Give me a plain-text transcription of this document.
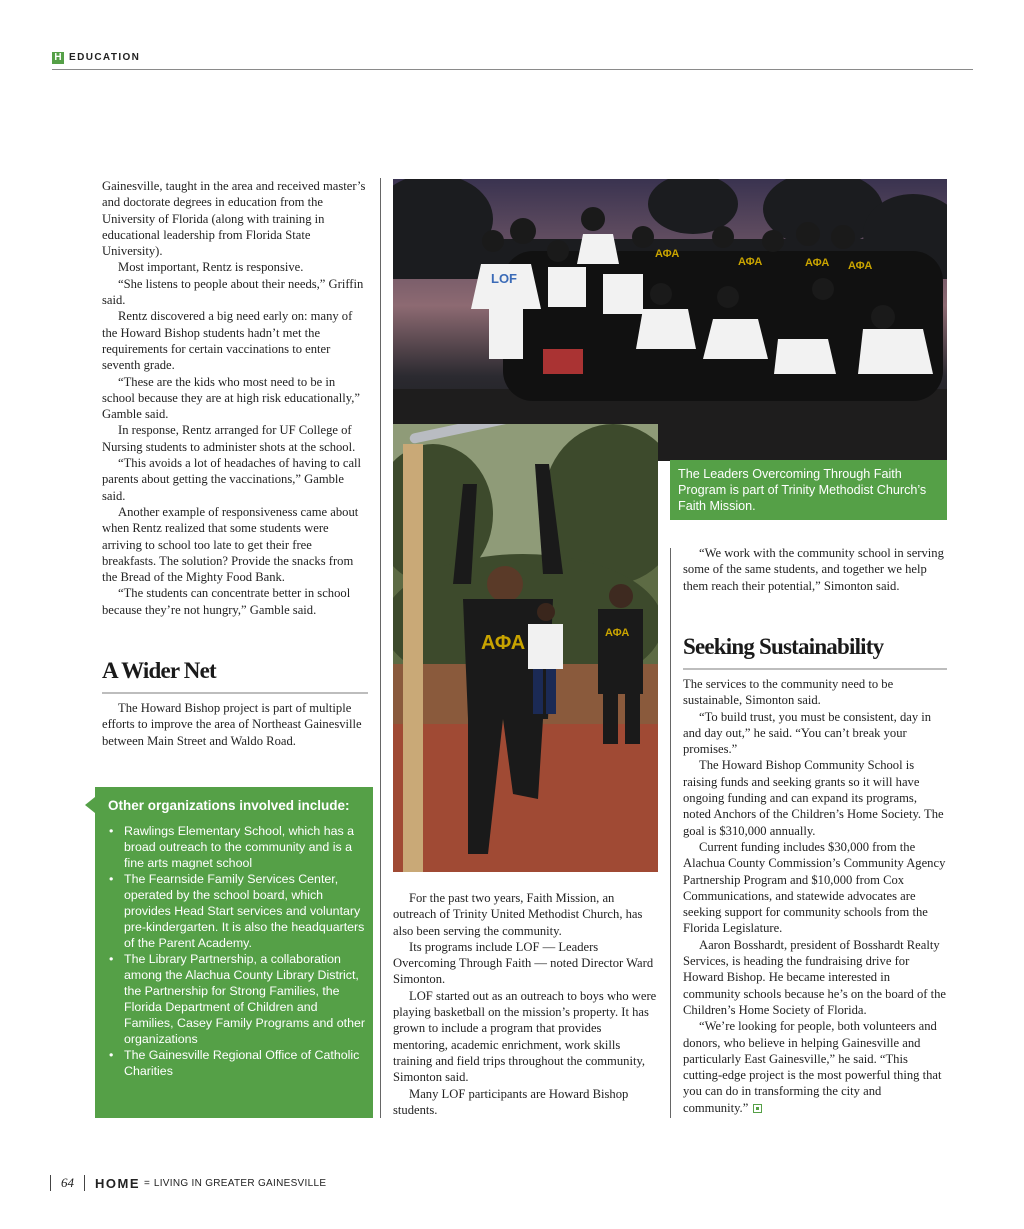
H EDUCATION

Gainesville, taught in the area and received master’s and doctorate degrees in education from the University of Florida (along with training in educational leadership from Florida State University).

Most important, Rentz is responsive.

“She listens to people about their needs,” Griffin said.

Rentz discovered a big need early on: many of the Howard Bishop students hadn’t met the requirements for certain vaccinations to enter seventh grade.

“These are the kids who most need to be in school because they are at high risk educationally,” Gamble said.

In response, Rentz arranged for UF College of Nursing students to administer shots at the school.

“This avoids a lot of headaches of having to call parents about getting the vaccinations,” Gamble said.

Another example of responsiveness came about when Rentz realized that some students were arriving to school too late to get their free breakfasts. The solution? Provide the snacks from the Bread of the Mighty Food Bank.

“The students can concentrate better in school because they’re not hungry,” Gamble said.

A Wider Net

The Howard Bishop project is part of multiple efforts to improve the area of Northeast Gainesville between Main Street and Waldo Road.

Other organizations involved include:
• Rawlings Elementary School, which has a broad outreach to the community and is a fine arts magnet school
• The Fearnside Family Services Center, operated by the school board, which provides Head Start services and voluntary pre-kindergarten. It is also the headquarters of the Parent Academy.
• The Library Partnership, a collaboration among the Alachua County Library District, the Partnership for Strong Families, the Florida Department of Children and Families, Casey Family Programs and other organizations
• The Gainesville Regional Office of Catholic Charities
ΑΦΑ
ΑΦΑ	ΑΦΑ ΑΦΑ
LOF
The Leaders Overcoming Through Faith Program is part of Trinity Methodist Church’s Faith Mission.
ΑΦΑ	ΑΦΑ

For the past two years, Faith Mission, an outreach of Trinity United Methodist Church, has also been serving the community.

Its programs include LOF — Leaders Overcoming Through Faith — noted Director Ward Simonton.

LOF started out as an outreach to boys who were playing basketball on the mission’s property. It has grown to include a program that provides mentoring, academic enrichment, work skills training and field trips throughout the community, Simonton said.

Many LOF participants are Howard Bishop students.

“We work with the community school in serving some of the same students, and together we help them reach their potential,” Simonton said.

Seeking Sustainability

The services to the community need to be sustainable, Simonton said.

“To build trust, you must be consistent, day in and day out,” he said. “You can’t break your promises.”

The Howard Bishop Community School is raising funds and seeking grants so it will have ongoing funding and can expand its programs, noted Anchors of the Children’s Home Society. The goal is $310,000 annually.

Current funding includes $30,000 from the Alachua County Commission’s Community Agency Partnership Program and $10,000 from Cox Communications, and statewide advocates are seeking support for community schools from the Florida Legislature.

Aaron Bosshardt, president of Bosshardt Realty Services, is heading the fundraising drive for Howard Bishop. He became interested in community schools because he’s on the board of the Children’s Home Society of Florida.

“We’re looking for people, both volunteers and donors, who believe in helping Gainesville and particularly East Gainesville,” he said. “This cutting-edge project is the most powerful thing that you can do in transforming the city and community.”

64 HOME = LIVING IN GREATER GAINESVILLE
